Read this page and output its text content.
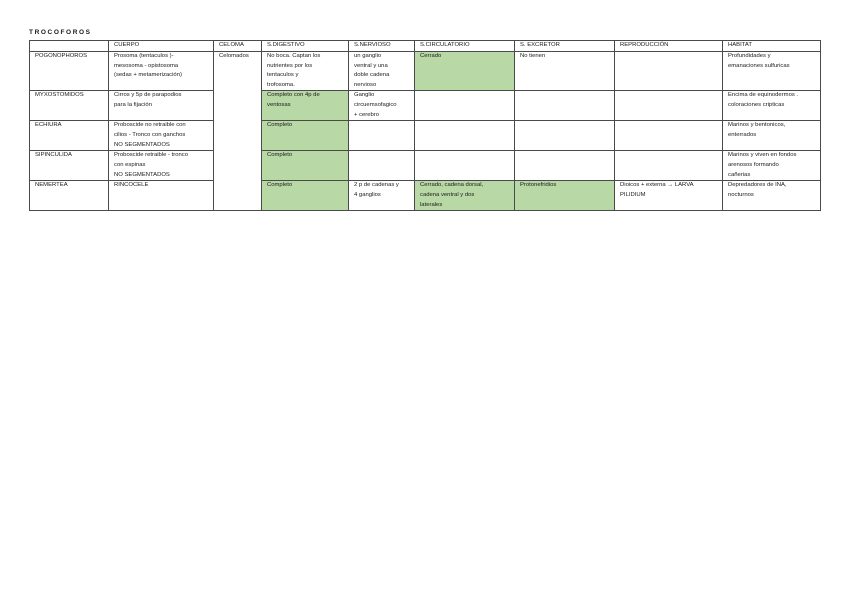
TROCOFOROS
	CUERPO	CELOMA	S.DIGESTIVO	S.NERVIOSO	S.CIRCULATORIO	S. EXCRETOR	REPRODUCCIÓN	HABITAT

POGONOPHOROS	Prosoma (tentaculos )-
mesosoma - opistosoma
(sedas + metamerización)	Celomados	No boca. Captan los
nutrientes por los
tentaculos y
trofosoma.	un ganglio
ventral y una
doble cadena
nervioso	Cerrado	No tienen		Profundidades y
emanaciones sulfuricas

MYXOSTOMIDOS	Cirros y 5p de parapodios
para la fijación		Completo con 4p de
ventosas	Ganglio
circuemsofagico
+ cerebro				Encima de equinodermos .
coloraciones cripticas

ECHIURA	Proboscide no retraible con
cilios - Tronco con ganchos
NO SEGMENTADOS		Completo					Marinos y bentonicos,
enterrados

SIPINCULIDA	Proboscide retraible - tronco
con espinas
NO SEGMENTADOS		Completo					Marinos y viven en fondos
arenosos formando
cañerias

NEMERTEA	RINCOCELE		Completo	2 p de cadenas y
4 ganglios	Cerrado, cadena dorsal,
cadena ventral y dos
laterales	Protonefridios	Dioicos + externa → LARVA
PILIDIUM	Depredadores de INA,
nocturnos
